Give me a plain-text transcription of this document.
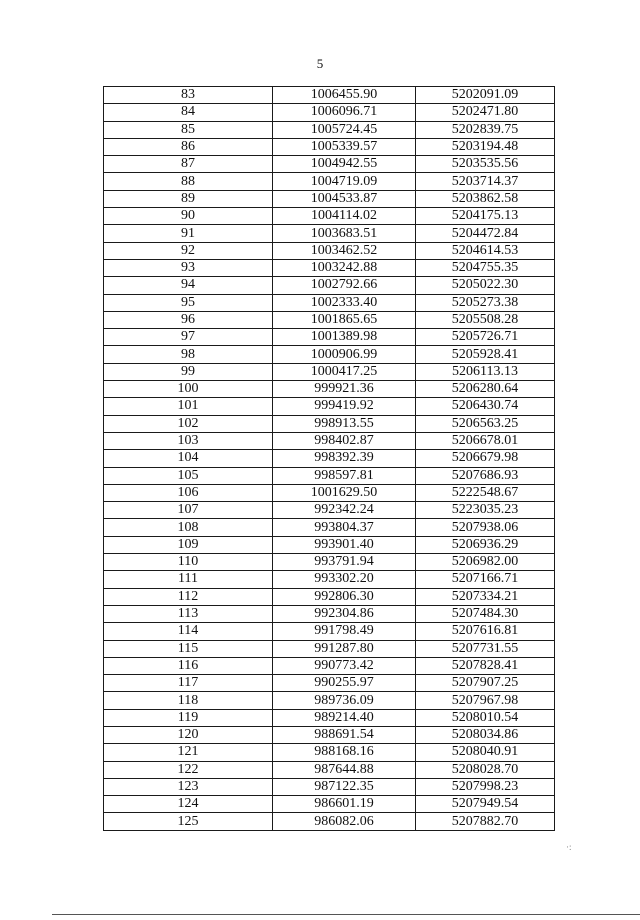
5
83	1006455.90	5202091.09
84	1006096.71	5202471.80
85	1005724.45	5202839.75
86	1005339.57	5203194.48
87	1004942.55	5203535.56
88	1004719.09	5203714.37
89	1004533.87	5203862.58
90	1004114.02	5204175.13
91	1003683.51	5204472.84
92	1003462.52	5204614.53
93	1003242.88	5204755.35
94	1002792.66	5205022.30
95	1002333.40	5205273.38
96	1001865.65	5205508.28
97	1001389.98	5205726.71
98	1000906.99	5205928.41
99	1000417.25	5206113.13
100	999921.36	5206280.64
101	999419.92	5206430.74
102	998913.55	5206563.25
103	998402.87	5206678.01
104	998392.39	5206679.98
105	998597.81	5207686.93
106	1001629.50	5222548.67
107	992342.24	5223035.23
108	993804.37	5207938.06
109	993901.40	5206936.29
110	993791.94	5206982.00
111	993302.20	5207166.71
112	992806.30	5207334.21
113	992304.86	5207484.30
114	991798.49	5207616.81
115	991287.80	5207731.55
116	990773.42	5207828.41
117	990255.97	5207907.25
118	989736.09	5207967.98
119	989214.40	5208010.54
120	988691.54	5208034.86
121	988168.16	5208040.91
122	987644.88	5208028.70
123	987122.35	5207998.23
124	986601.19	5207949.54
125	986082.06	5207882.70
·:
